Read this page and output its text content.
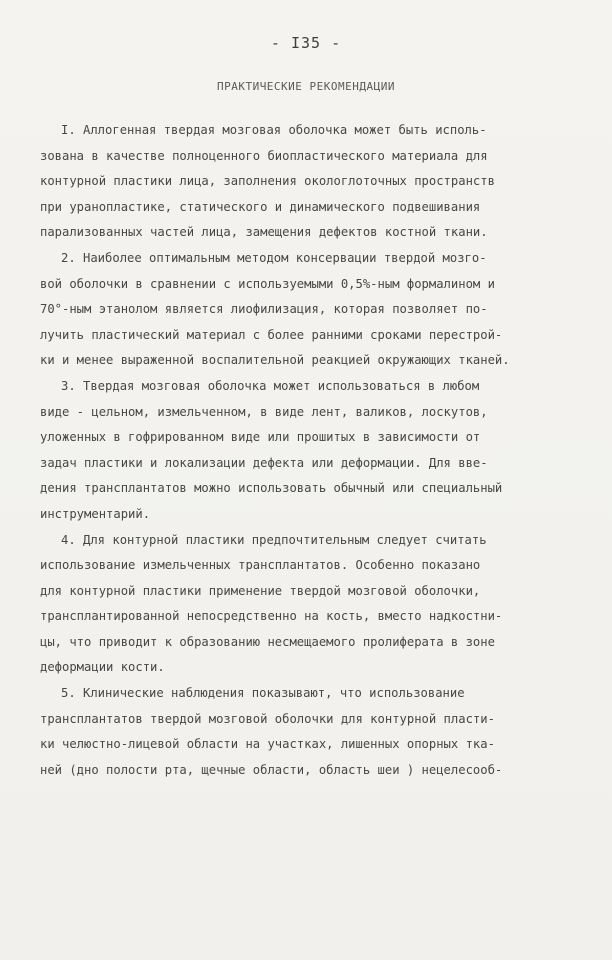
- I35 -
ПРАКТИЧЕСКИЕ РЕКОМЕНДАЦИИ
I. Аллогенная твердая мозговая оболочка может быть исполь-
зована в качестве полноценного биопластического материала для
контурной пластики лица, заполнения окологлоточных пространств
при уранопластике, статического и динамического подвешивания
парализованных частей лица, замещения дефектов костной ткани.
2. Наиболее оптимальным методом консервации твердой мозго-
вой оболочки в сравнении с используемыми 0,5%-ным формалином и
70°-ным этанолом является лиофилизация, которая позволяет по-
лучить пластический материал с более ранними сроками перестрой-
ки и менее выраженной воспалительной реакцией окружающих тканей.
3. Твердая мозговая оболочка может использоваться в любом
виде - цельном, измельченном, в виде лент, валиков, лоскутов,
уложенных в гофрированном виде или прошитых в зависимости от
задач пластики и локализации дефекта или деформации. Для вве-
дения трансплантатов можно использовать обычный или специальный
инструментарий.
4. Для контурной пластики предпочтительным следует считать
использование измельченных трансплантатов. Особенно показано
для контурной пластики применение твердой мозговой оболочки,
трансплантированной непосредственно на кость, вместо надкостни-
цы, что приводит к образованию несмещаемого пролиферата в зоне
деформации кости.
5. Клинические наблюдения показывают, что использование
трансплантатов твердой мозговой оболочки для контурной пласти-
ки челюстно-лицевой области на участках, лишенных опорных тка-
ней (дно полости рта, щечные области, область шеи ) нецелесооб-
